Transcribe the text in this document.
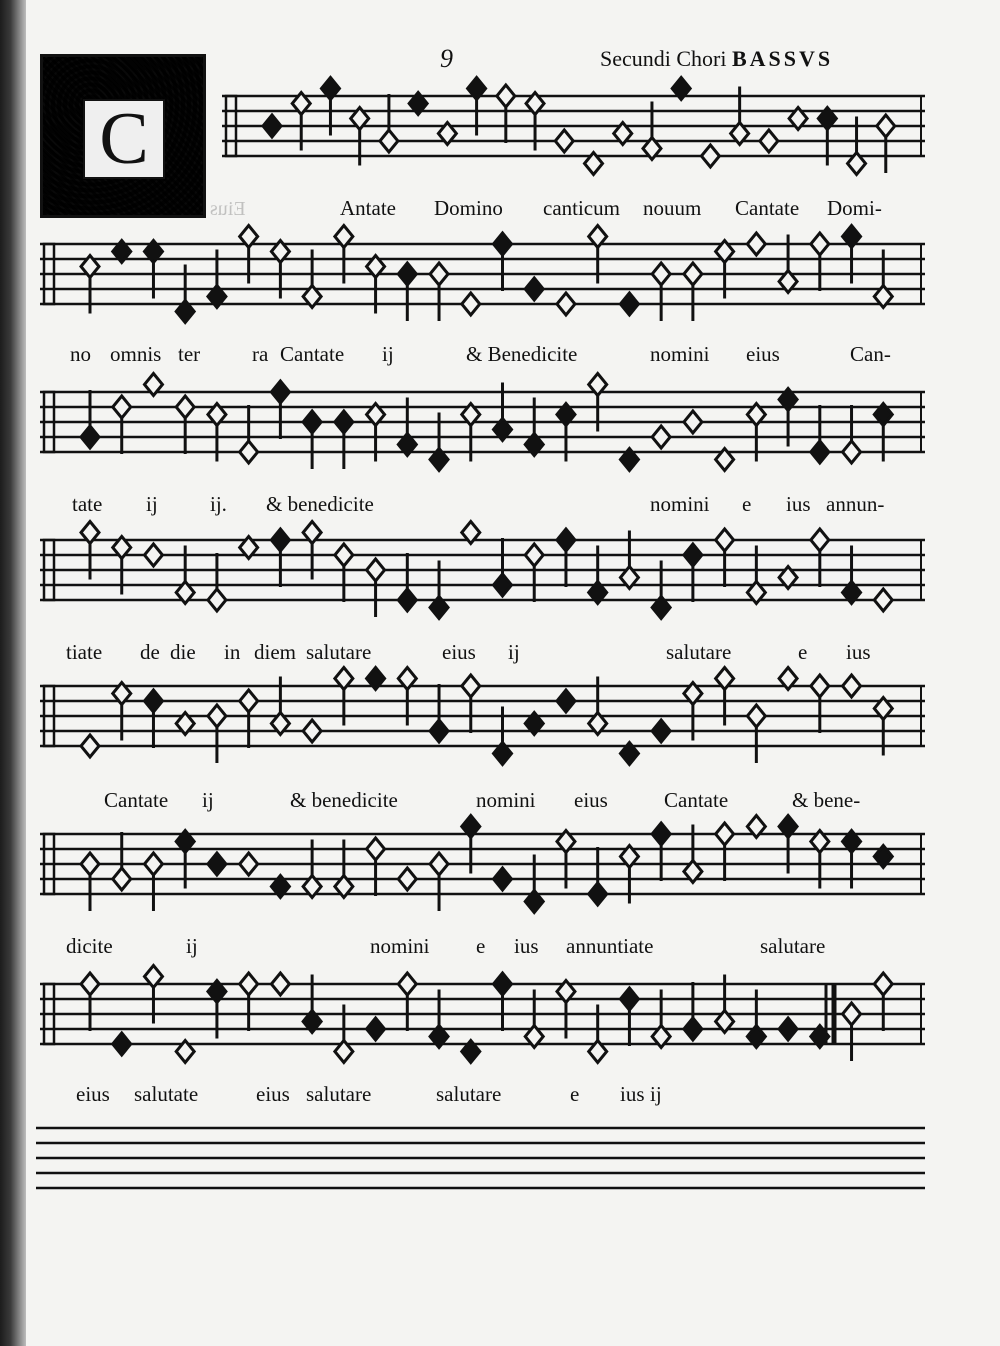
9	Secundi Chori BASSVS
C
Eius	Antate Domino canticum nouum Cantate Domi-
no omnis ter ra Cantate ij	& Benedicite	nomini eius	Can-
tate ij ij. & benedicite	nomini e ius annun-
tiate de die in diem salutare	eius ij	salutare	e ius
Cantate ij	& benedicite	nomini eius	Cantate	& bene-
dicite	ij	nomini e ius annuntiate	salutare
eius salutate	eius salutare	salutare	e ius ij
